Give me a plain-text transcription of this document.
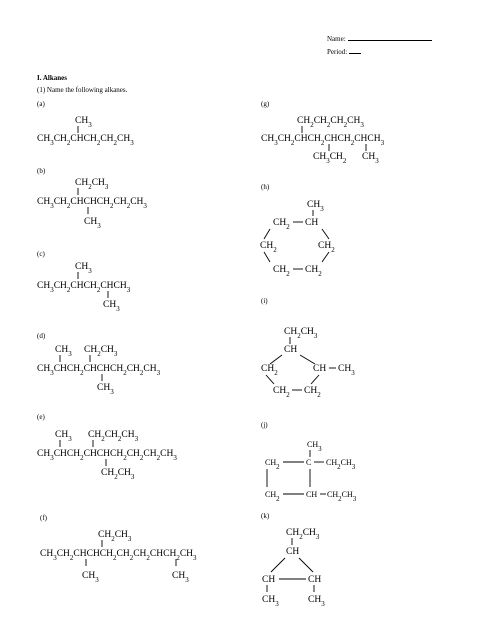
Name:
Period:
I. Alkanes
(1) Name the following alkanes.
(a)
(b)
(c)
(d)
(e)
(f)
(g)
(h)
(i)
(j)
(k)
$CH_3$
$CH_3CH_2CHCH_2CH_2CH_3$
$CH_2CH_3$
$CH_3CH_2CHCHCH_2CH_2CH_3$
$CH_3$
$CH_3$
$CH_3CH_2CHCH_2CHCH_3$
$CH_3$
$CH_3$ $CH_2CH_3$
$CH_3CHCH_2CHCHCH_2CH_2CH_3$
$CH_3$
$CH_3$ $CH_2CH_2CH_3$
$CH_3CHCH_2CHCHCH_2CH_2CH_2CH_3$
$CH_2CH_3$
$CH_2CH_3$
$CH_3CH_2CHCHCH_2CH_2CH_2CHCH_2CH_3$
$CH_3$	$CH_3$
$CH_2CH_2CH_2CH_3$
$CH_3CH_2CHCH_2CHCH_2CHCH_3$
$CH_3CH_2$ $CH_3$
$CH_3$
$CH_2$ CH
$CH_2$	$CH_2$
$CH_2$ $CH_2$
$CH_2CH_3$
CH
$CH_2$	CH $CH_3$
$CH_2$ $CH_2$
$CH_3$
$CH_2$	C $CH_2CH_3$
$CH_2$	CH $CH_2CH_3$
$CH_2CH_3$
CH
CH	CH
$CH_3$	$CH_3$
